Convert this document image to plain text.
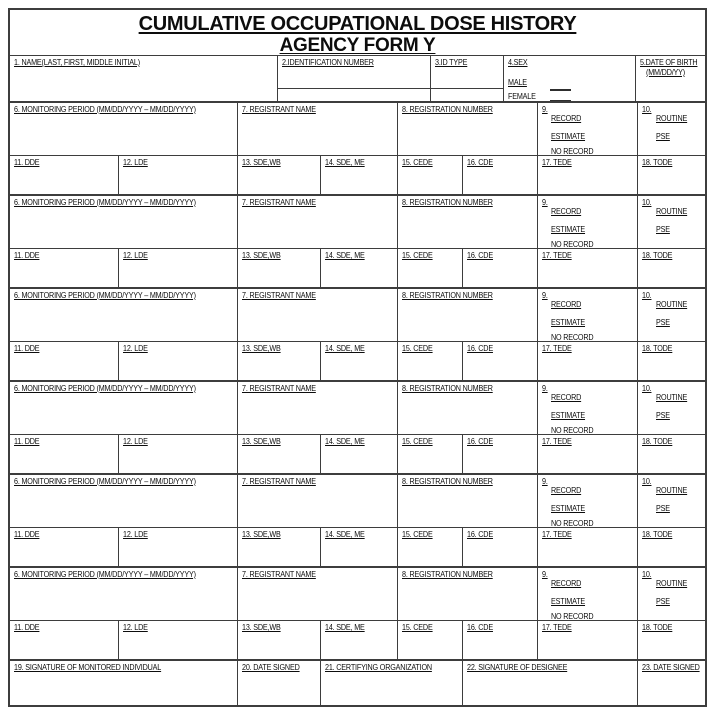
CUMULATIVE OCCUPATIONAL DOSE HISTORY
AGENCY FORM Y
1. NAME(LAST, FIRST, MIDDLE INITIAL)	2.IDENTIFICATION NUMBER	3.ID TYPE	4.SEX
MALE
FEMALE
5.DATE OF BIRTH
(MM/DD/YY)
6. MONITORING PERIOD (MM/DD/YYYY – MM/DD/YYYY)	7. REGISTRANT NAME	8. REGISTRATION NUMBER	9.
RECORD
ESTIMATE
NO RECORD
10.
ROUTINE
PSE
11. DDE	12. LDE	13. SDE,WB	14. SDE, ME	15. CEDE	16. CDE	17. TEDE	18. TODE
6. MONITORING PERIOD (MM/DD/YYYY – MM/DD/YYYY)	7. REGISTRANT NAME	8. REGISTRATION NUMBER	9.
RECORD
ESTIMATE
NO RECORD
10.
ROUTINE
PSE
11. DDE	12. LDE	13. SDE,WB	14. SDE, ME	15. CEDE	16. CDE	17. TEDE	18. TODE
6. MONITORING PERIOD (MM/DD/YYYY – MM/DD/YYYY)	7. REGISTRANT NAME	8. REGISTRATION NUMBER	9.
RECORD
ESTIMATE
NO RECORD
10.
ROUTINE
PSE
11. DDE	12. LDE	13. SDE,WB	14. SDE, ME	15. CEDE	16. CDE	17. TEDE	18. TODE
6. MONITORING PERIOD (MM/DD/YYYY – MM/DD/YYYY)	7. REGISTRANT NAME	8. REGISTRATION NUMBER	9.
RECORD
ESTIMATE
NO RECORD
10.
ROUTINE
PSE
11. DDE	12. LDE	13. SDE,WB	14. SDE, ME	15. CEDE	16. CDE	17. TEDE	18. TODE
6. MONITORING PERIOD (MM/DD/YYYY – MM/DD/YYYY)	7. REGISTRANT NAME	8. REGISTRATION NUMBER	9.
RECORD
ESTIMATE
NO RECORD
10.
ROUTINE
PSE
11. DDE	12. LDE	13. SDE,WB	14. SDE, ME	15. CEDE	16. CDE	17. TEDE	18. TODE
6. MONITORING PERIOD (MM/DD/YYYY – MM/DD/YYYY)	7. REGISTRANT NAME	8. REGISTRATION NUMBER	9.
RECORD
ESTIMATE
NO RECORD
10.
ROUTINE
PSE
11. DDE	12. LDE	13. SDE,WB	14. SDE, ME	15. CEDE	16. CDE	17. TEDE	18. TODE
19. SIGNATURE OF MONITORED INDIVIDUAL	20. DATE SIGNED	21. CERTIFYING ORGANIZATION	22. SIGNATURE OF DESIGNEE	23. DATE SIGNED
